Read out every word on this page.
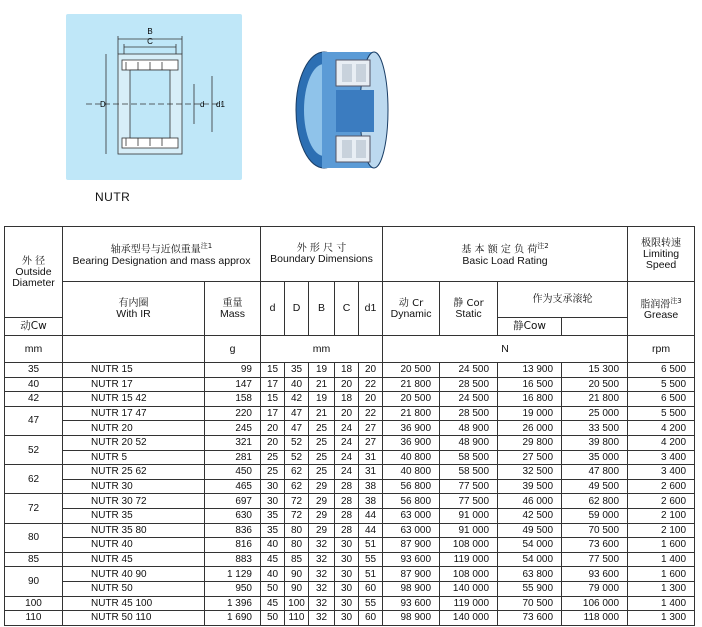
B
C
D	d d1
NUTR
外 径
Outside
Diameter	轴承型号与近似重量$^{注1}$
Bearing Designation and mass approx		外 形 尺 寸
Boundary Dimensions					基 本 额 定 负 荷$^{注2}$
Basic Load Rating				极限转速
Limiting
Speed

	有内圈
With IR	重量
Mass	d	D	B	C	d1	动 Cr
Dynamic	静 Cor
Static	作为支承滚轮		脂润滑$^{注3}$
Grease

动Cw										静Cow		
mm		g	mm					N				rpm
35	NUTR 15	99	15	35	19	18	20	20 500	24 500	13 900	15 300	6 500
40	NUTR 17	147	17	40	21	20	22	21 800	28 500	16 500	20 500	5 500
42	NUTR 15 42	158	15	42	19	18	20	20 500	24 500	16 800	21 800	6 500
47	NUTR 17 47	220	17	47	21	20	22	21 800	28 500	19 000	25 000	5 500
	NUTR 20	245	20	47	25	24	27	36 900	48 900	26 000	33 500	4 200
52	NUTR 20 52	321	20	52	25	24	27	36 900	48 900	29 800	39 800	4 200
	NUTR 5	281	25	52	25	24	31	40 800	58 500	27 500	35 000	3 400
62	NUTR 25 62	450	25	62	25	24	31	40 800	58 500	32 500	47 800	3 400
	NUTR 30	465	30	62	29	28	38	56 800	77 500	39 500	49 500	2 600
72	NUTR 30 72	697	30	72	29	28	38	56 800	77 500	46 000	62 800	2 600
	NUTR 35	630	35	72	29	28	44	63 000	91 000	42 500	59 000	2 100
80	NUTR 35 80	836	35	80	29	28	44	63 000	91 000	49 500	70 500	2 100
	NUTR 40	816	40	80	32	30	51	87 900	108 000	54 000	73 600	1 600
85	NUTR 45	883	45	85	32	30	55	93 600	119 000	54 000	77 500	1 400
90	NUTR 40 90	1 129	40	90	32	30	51	87 900	108 000	63 800	93 600	1 600
	NUTR 50	950	50	90	32	30	60	98 900	140 000	55 900	79 000	1 300
100	NUTR 45 100	1 396	45	100	32	30	55	93 600	119 000	70 500	106 000	1 400
110	NUTR 50 110	1 690	50	110	32	30	60	98 900	140 000	73 600	118 000	1 300
